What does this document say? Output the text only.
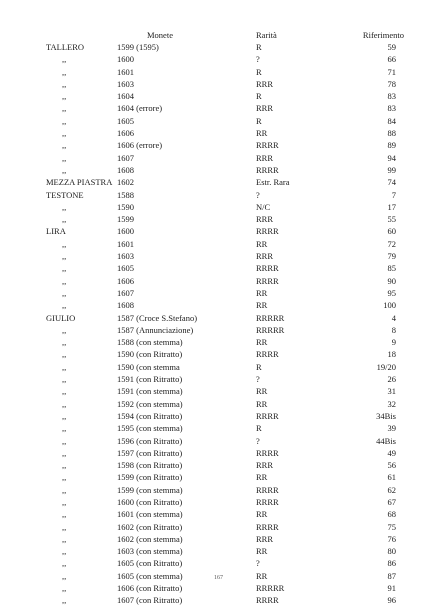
Monete	Rarità	Riferimento
TALLERO	1599 (1595)	R	59
,,	1600	?	66
,,	1601	R	71
,,	1603	RRR	78
,,	1604	R	83
,,	1604 (errore)	RRR	83
,,	1605	R	84
,,	1606	RR	88
,,	1606 (errore)	RRRR	89
,,	1607	RRR	94
,,	1608	RRRR	99
MEZZA PIASTRA 1602	Estr. Rara	74
TESTONE	1588	?	7
,,	1590	N/C	17
,,	1599	RRR	55
LIRA	1600	RRRR	60
,,	1601	RR	72
,,	1603	RRR	79
,,	1605	RRRR	85
,,	1606	RRRR	90
,,	1607	RR	95
,,	1608	RR	100
GIULIO	1587 (Croce S.Stefano)	RRRRR	4
,,	1587 (Annunciazione)	RRRRR	8
,,	1588 (con stemma)	RR	9
,,	1590 (con Ritratto)	RRRR	18
,,	1590 (con stemma	R	19/20
,,	1591 (con Ritratto)	?	26
,,	1591 (con stemma)	RR	31
,,	1592 (con stemma)	RR	32
,,	1594 (con Ritratto)	RRRR	34Bis
,,	1595 (con stemma)	R	39
,,	1596 (con Ritratto)	?	44Bis
,,	1597 (con Ritratto)	RRRR	49
,,	1598 (con Ritratto)	RRR	56
,,	1599 (con Ritratto)	RR	61
,,	1599 (con stemma)	RRRR	62
,,	1600 (con Ritratto)	RRRR	67
,,	1601 (con stemma)	RR	68
,,	1602 (con Ritratto)	RRRR	75
,,	1602 (con stemma)	RRR	76
,,	1603 (con stemma)	RR	80
,,	1605 (con Ritratto)	?	86
,,	1605 (con stemma)	RR	87
,,	1606 (con Ritratto)	RRRRR	91
,,	1607 (con Ritratto)	RRRR	96
167
